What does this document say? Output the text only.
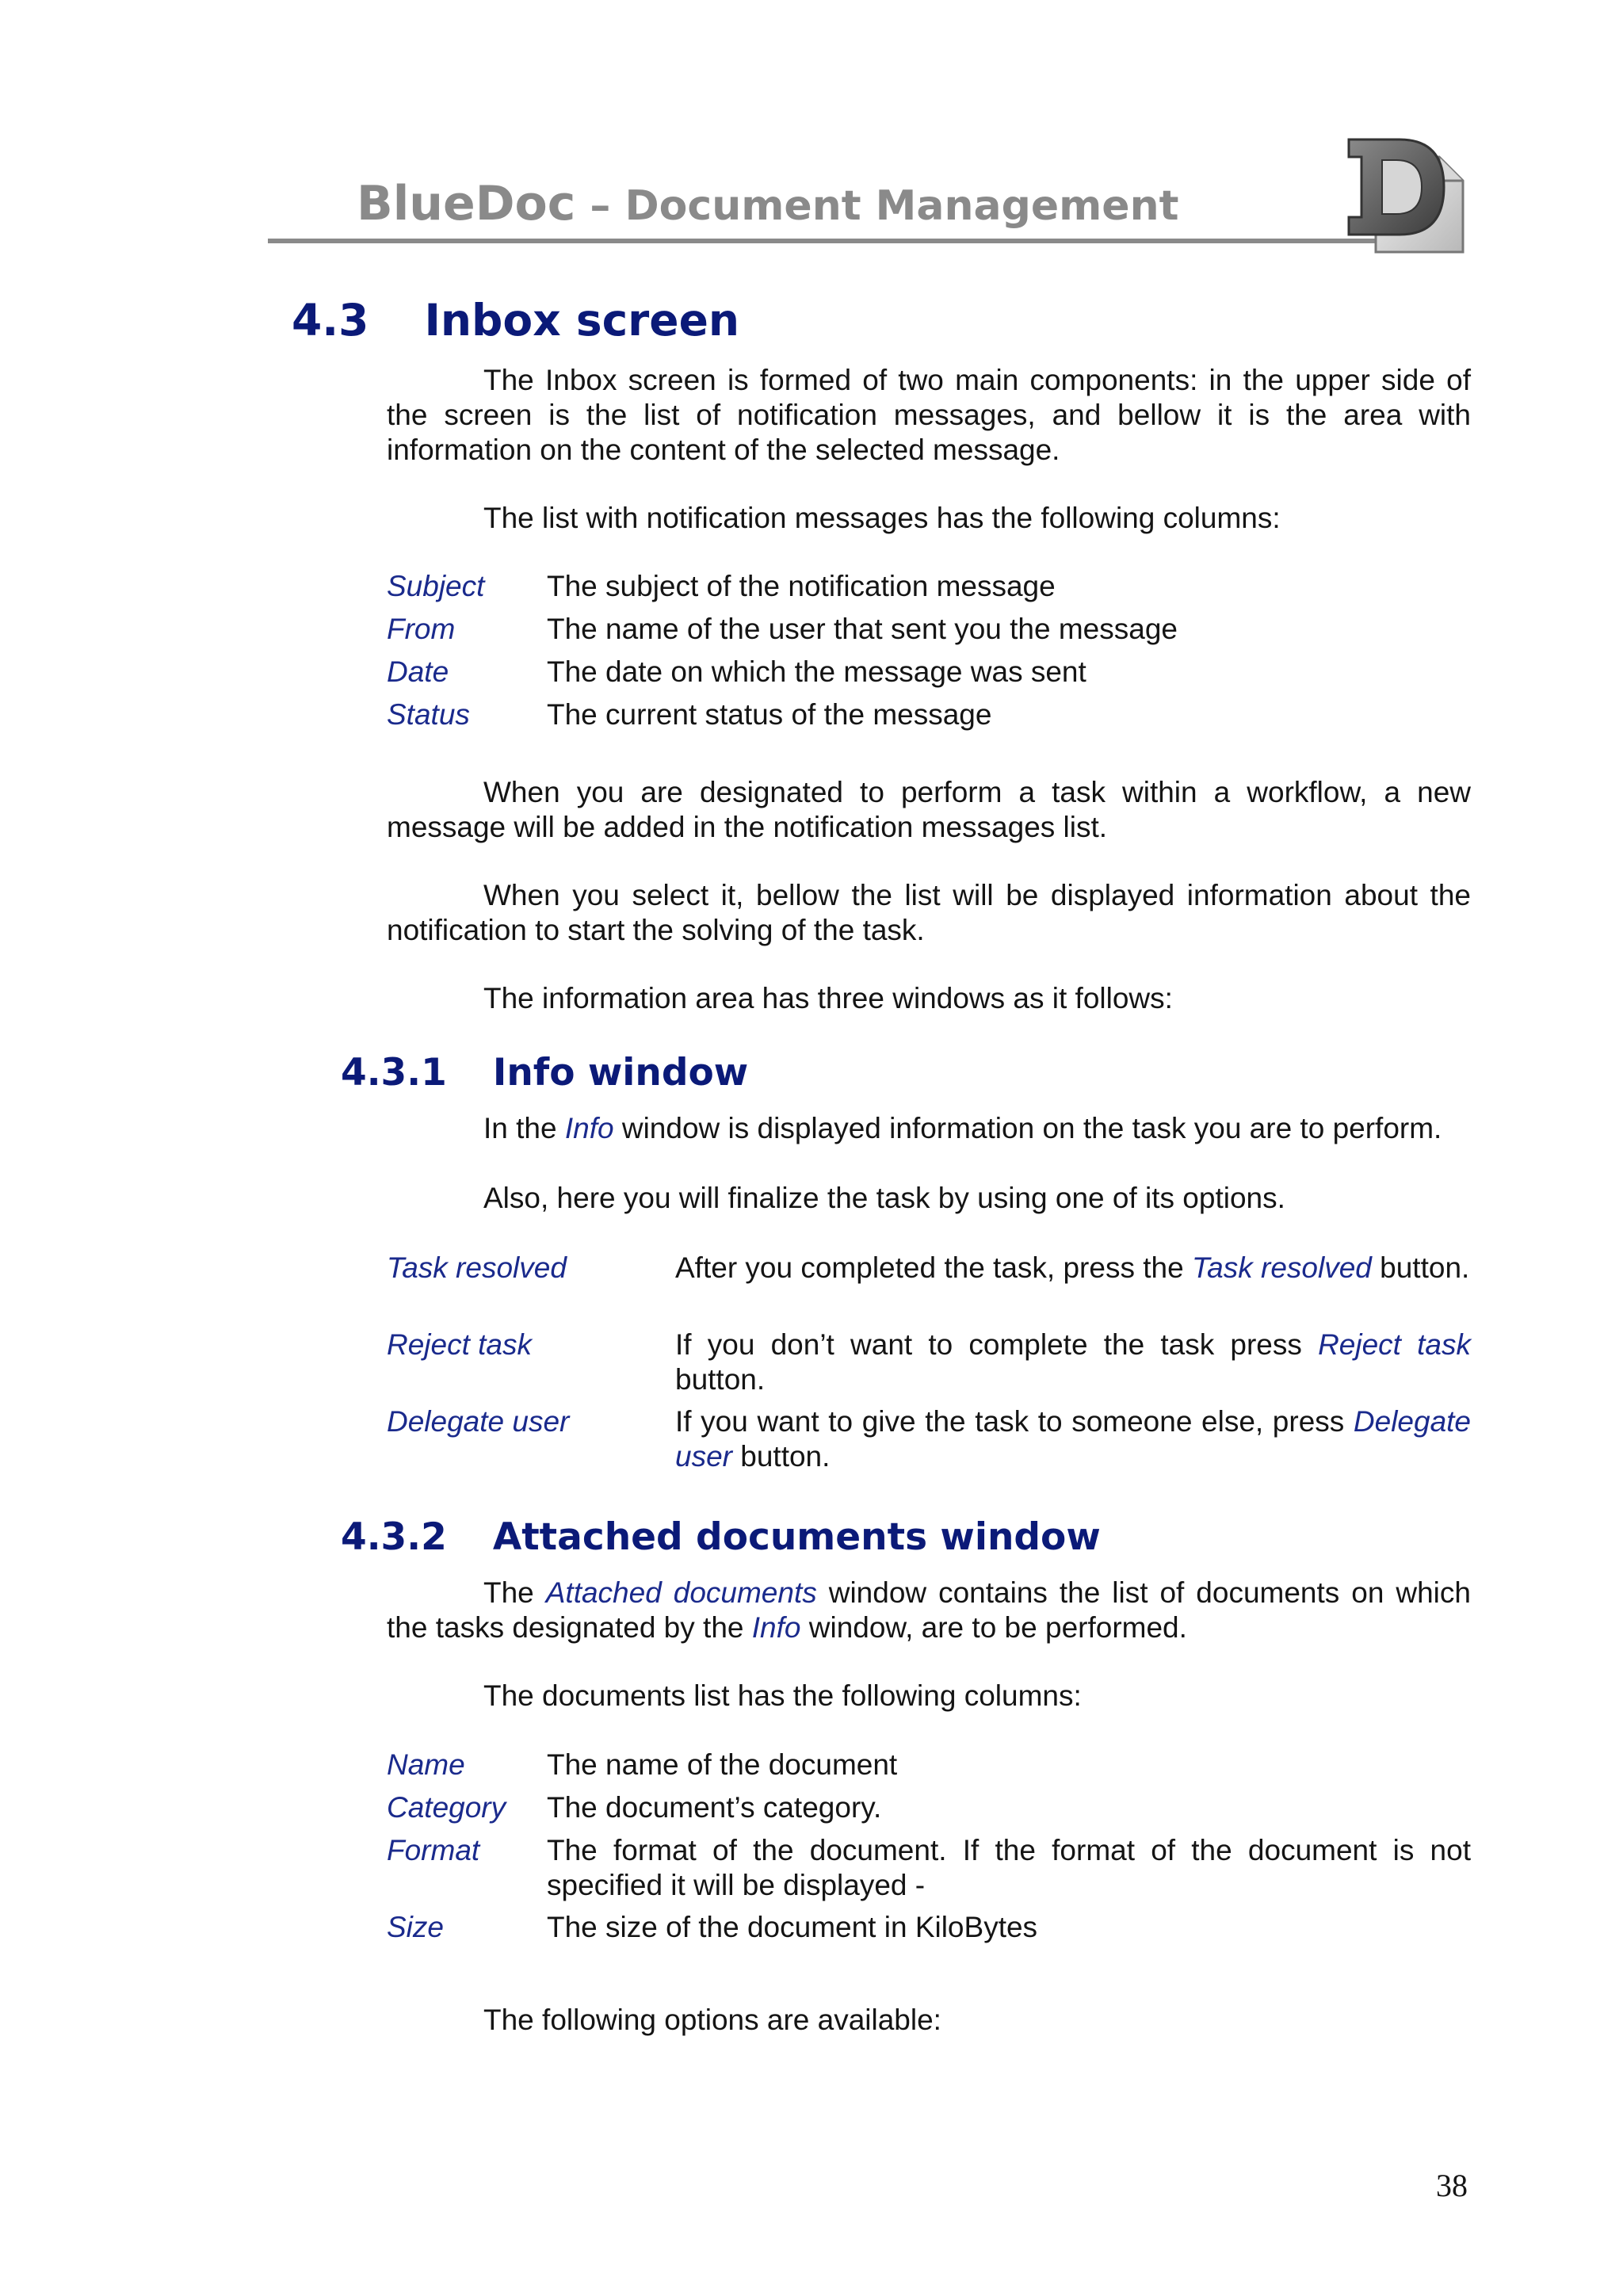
BlueDoc – Document Management
4.3 Inbox screen
The Inbox screen is formed of two main components: in the upper side of the screen is the list of notification messages, and bellow it is the area with information on the content of the selected message.
The list with notification messages has the following columns:
Subject The subject of the notification message
From	The name of the user that sent you the message
Date	The date on which the message was sent
Status	The current status of the message
When you are designated to perform a task within a workflow, a new message will be added in the notification messages list.
When you select it, bellow the list will be displayed information about the notification to start the solving of the task.
The information area has three windows as it follows:
4.3.1 Info window
In the Info window is displayed information on the task you are to perform.
Also, here you will finalize the task by using one of its options.
Task resolved	After you completed the task, press the Task resolved button.
Reject task	If you don’t want to complete the task press Reject task button.
Delegate user	If you want to give the task to someone else, press Delegate user button.
4.3.2 Attached documents window
The Attached documents window contains the list of documents on which the tasks designated by the Info window, are to be performed.
The documents list has the following columns:
Name	The name of the document
Category The document’s category.
Format The format of the document. If the format of the document is not specified it will be displayed -
Size	The size of the document in KiloBytes
The following options are available:
38
